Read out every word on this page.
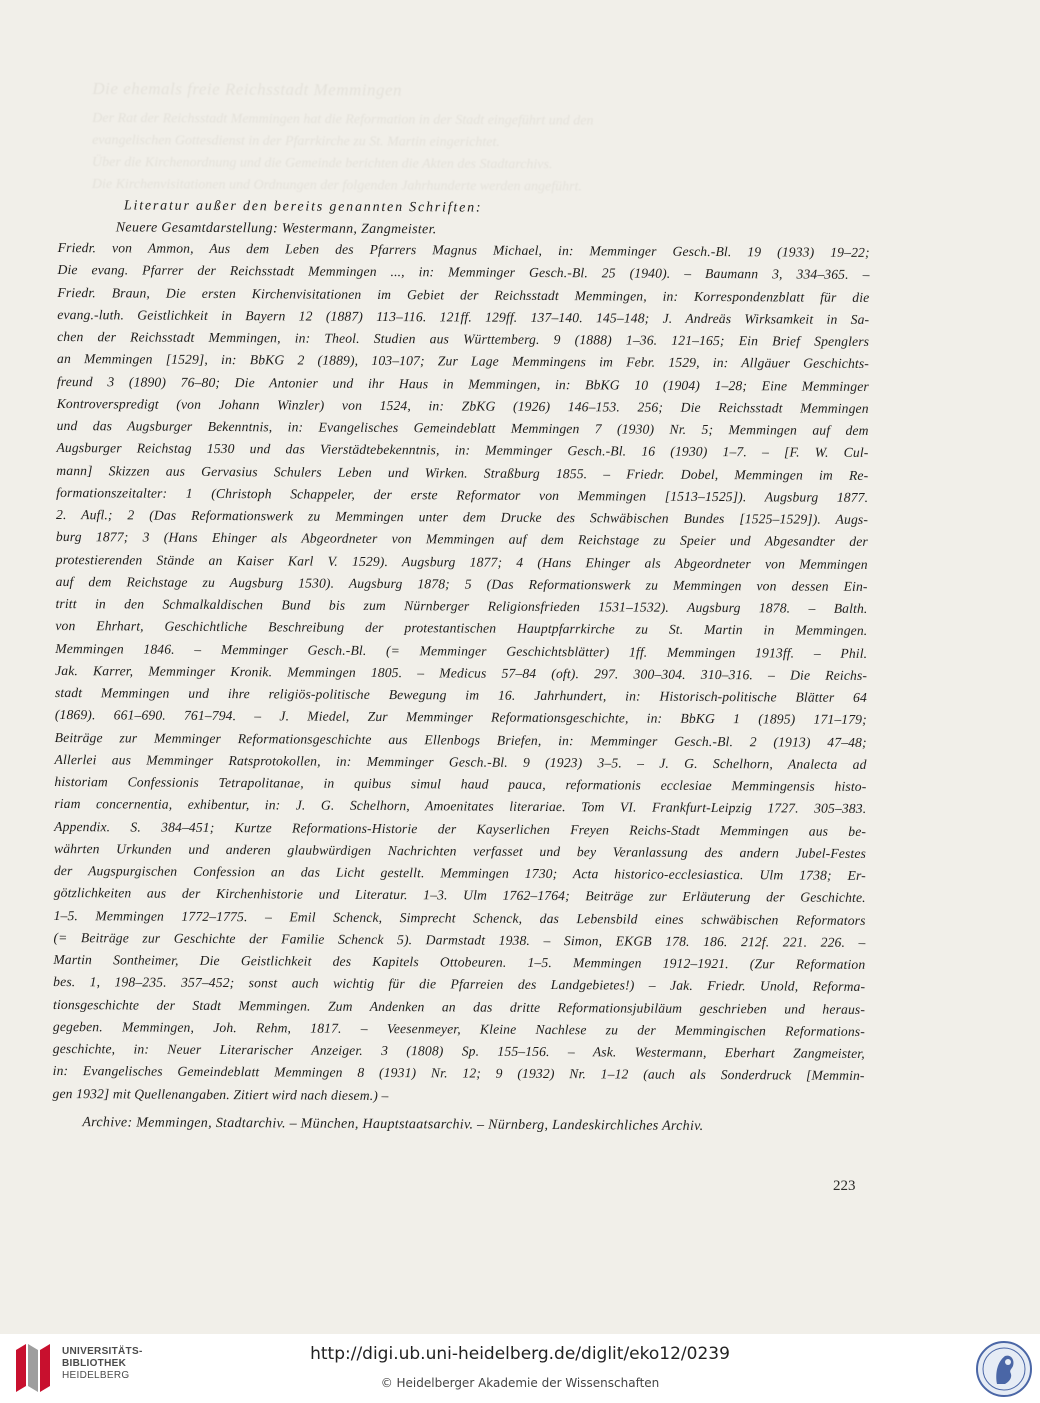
Die ehemals freie Reichsstadt Memmingen
Der Rat der Reichsstadt Memmingen hat die Reformation in der Stadt eingeführt und den
evangelischen Gottesdienst in der Pfarrkirche zu St. Martin eingerichtet.
Über die Kirchenordnung und die Gemeinde berichten die Akten des Stadtarchivs.
Die Kirchenvisitationen und Ordnungen der folgenden Jahrhunderte werden angeführt.
Literatur außer den bereits genannten Schriften:
Neuere Gesamtdarstellung: Westermann, Zangmeister.
Friedr. von Ammon, Aus dem Leben des Pfarrers Magnus Michael, in: Memminger Gesch.-Bl. 19 (1933) 19–22;
Die evang. Pfarrer der Reichsstadt Memmingen ..., in: Memminger Gesch.-Bl. 25 (1940). – Baumann 3, 334–365. –
Friedr. Braun, Die ersten Kirchenvisitationen im Gebiet der Reichsstadt Memmingen, in: Korrespondenzblatt für die
evang.-luth. Geistlichkeit in Bayern 12 (1887) 113–116. 121ff. 129ff. 137–140. 145–148; J. Andreäs Wirksamkeit in Sa-
chen der Reichsstadt Memmingen, in: Theol. Studien aus Württemberg. 9 (1888) 1–36. 121–165; Ein Brief Spenglers
an Memmingen [1529], in: BbKG 2 (1889), 103–107; Zur Lage Memmingens im Febr. 1529, in: Allgäuer Geschichts-
freund 3 (1890) 76–80; Die Antonier und ihr Haus in Memmingen, in: BbKG 10 (1904) 1–28; Eine Memminger
Kontroverspredigt (von Johann Winzler) von 1524, in: ZbKG (1926) 146–153. 256; Die Reichsstadt Memmingen
und das Augsburger Bekenntnis, in: Evangelisches Gemeindeblatt Memmingen 7 (1930) Nr. 5; Memmingen auf dem
Augsburger Reichstag 1530 und das Vierstädtebekenntnis, in: Memminger Gesch.-Bl. 16 (1930) 1–7. – [F. W. Cul-
mann] Skizzen aus Gervasius Schulers Leben und Wirken. Straßburg 1855. – Friedr. Dobel, Memmingen im Re-
formationszeitalter: 1 (Christoph Schappeler, der erste Reformator von Memmingen [1513–1525]). Augsburg 1877.
2. Aufl.; 2 (Das Reformationswerk zu Memmingen unter dem Drucke des Schwäbischen Bundes [1525–1529]). Augs-
burg 1877; 3 (Hans Ehinger als Abgeordneter von Memmingen auf dem Reichstage zu Speier und Abgesandter der
protestierenden Stände an Kaiser Karl V. 1529). Augsburg 1877; 4 (Hans Ehinger als Abgeordneter von Memmingen
auf dem Reichstage zu Augsburg 1530). Augsburg 1878; 5 (Das Reformationswerk zu Memmingen von dessen Ein-
tritt in den Schmalkaldischen Bund bis zum Nürnberger Religionsfrieden 1531–1532). Augsburg 1878. – Balth.
von Ehrhart, Geschichtliche Beschreibung der protestantischen Hauptpfarrkirche zu St. Martin in Memmingen.
Memmingen 1846. – Memminger Gesch.-Bl. (= Memminger Geschichtsblätter) 1ff. Memmingen 1913ff. – Phil.
Jak. Karrer, Memminger Kronik. Memmingen 1805. – Medicus 57–84 (oft). 297. 300–304. 310–316. – Die Reichs-
stadt Memmingen und ihre religiös-politische Bewegung im 16. Jahrhundert, in: Historisch-politische Blätter 64
(1869). 661–690. 761–794. – J. Miedel, Zur Memminger Reformationsgeschichte, in: BbKG 1 (1895) 171–179;
Beiträge zur Memminger Reformationsgeschichte aus Ellenbogs Briefen, in: Memminger Gesch.-Bl. 2 (1913) 47–48;
Allerlei aus Memminger Ratsprotokollen, in: Memminger Gesch.-Bl. 9 (1923) 3–5. – J. G. Schelhorn, Analecta ad
historiam Confessionis Tetrapolitanae, in quibus simul haud pauca, reformationis ecclesiae Memmingensis histo-
riam concernentia, exhibentur, in: J. G. Schelhorn, Amoenitates literariae. Tom VI. Frankfurt-Leipzig 1727. 305–383.
Appendix. S. 384–451; Kurtze Reformations-Historie der Kayserlichen Freyen Reichs-Stadt Memmingen aus be-
währten Urkunden und anderen glaubwürdigen Nachrichten verfasset und bey Veranlassung des andern Jubel-Festes
der Augspurgischen Confession an das Licht gestellt. Memmingen 1730; Acta historico-ecclesiastica. Ulm 1738; Er-
götzlichkeiten aus der Kirchenhistorie und Literatur. 1–3. Ulm 1762–1764; Beiträge zur Erläuterung der Geschichte.
1–5. Memmingen 1772–1775. – Emil Schenck, Simprecht Schenck, das Lebensbild eines schwäbischen Reformators
(= Beiträge zur Geschichte der Familie Schenck 5). Darmstadt 1938. – Simon, EKGB 178. 186. 212f. 221. 226. –
Martin Sontheimer, Die Geistlichkeit des Kapitels Ottobeuren. 1–5. Memmingen 1912–1921. (Zur Reformation
bes. 1, 198–235. 357–452; sonst auch wichtig für die Pfarreien des Landgebietes!) – Jak. Friedr. Unold, Reforma-
tionsgeschichte der Stadt Memmingen. Zum Andenken an das dritte Reformationsjubiläum geschrieben und heraus-
gegeben. Memmingen, Joh. Rehm, 1817. – Veesenmeyer, Kleine Nachlese zu der Memmingischen Reformations-
geschichte, in: Neuer Literarischer Anzeiger. 3 (1808) Sp. 155–156. – Ask. Westermann, Eberhart Zangmeister,
in: Evangelisches Gemeindeblatt Memmingen 8 (1931) Nr. 12; 9 (1932) Nr. 1–12 (auch als Sonderdruck [Memmin-
gen 1932] mit Quellenangaben. Zitiert wird nach diesem.) –
Archive: Memmingen, Stadtarchiv. – München, Hauptstaatsarchiv. – Nürnberg, Landeskirchliches Archiv.
223
UNIVERSITÄTS-
BIBLIOTHEK
HEIDELBERG
http://digi.ub.uni-heidelberg.de/diglit/eko12/0239
© Heidelberger Akademie der Wissenschaften
